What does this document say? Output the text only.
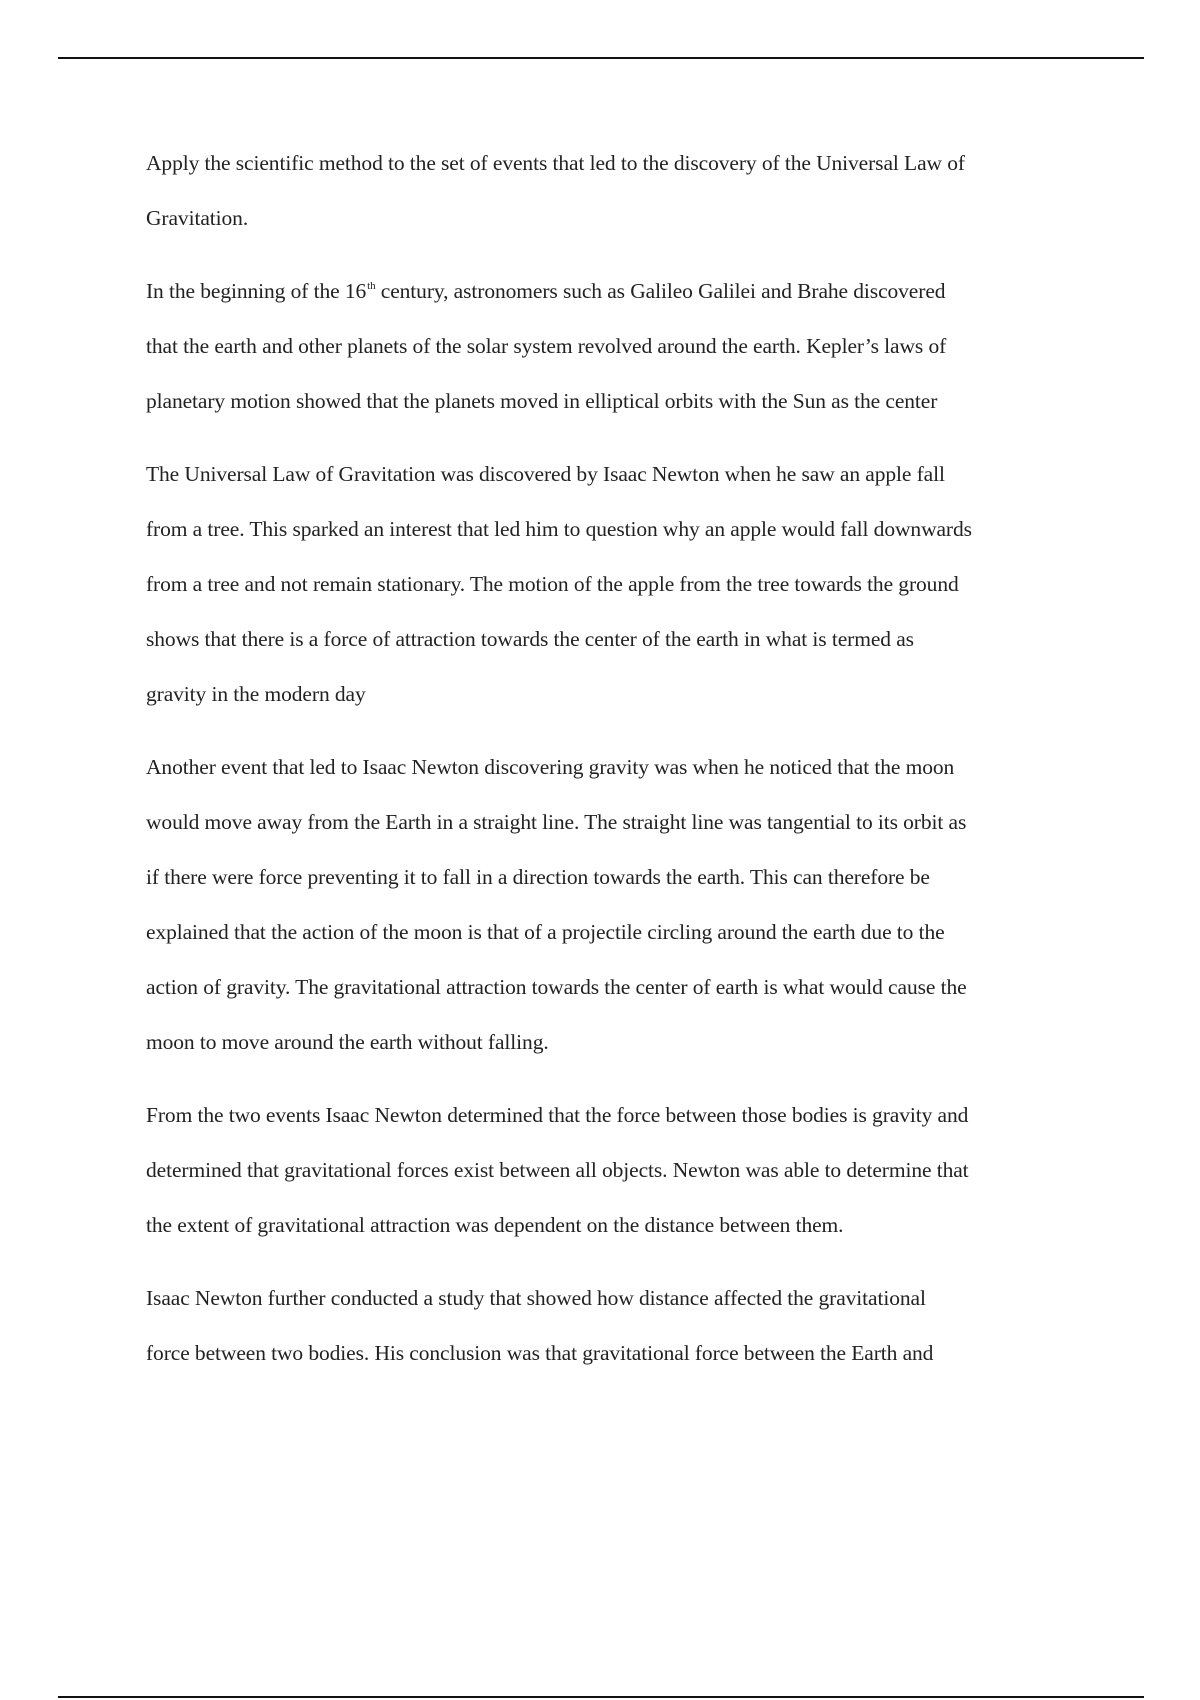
Apply the scientific method to the set of events that led to the discovery of the Universal Law of
Gravitation.

In the beginning of the 16th century, astronomers such as Galileo Galilei and Brahe discovered
that the earth and other planets of the solar system revolved around the earth. Kepler’s laws of
planetary motion showed that the planets moved in elliptical orbits with the Sun as the center

The Universal Law of Gravitation was discovered by Isaac Newton when he saw an apple fall
from a tree. This sparked an interest that led him to question why an apple would fall downwards
from a tree and not remain stationary. The motion of the apple from the tree towards the ground
shows that there is a force of attraction towards the center of the earth in what is termed as
gravity in the modern day

Another event that led to Isaac Newton discovering gravity was when he noticed that the moon
would move away from the Earth in a straight line. The straight line was tangential to its orbit as
if there were force preventing it to fall in a direction towards the earth. This can therefore be
explained that the action of the moon is that of a projectile circling around the earth due to the
action of gravity. The gravitational attraction towards the center of earth is what would cause the
moon to move around the earth without falling.

From the two events Isaac Newton determined that the force between those bodies is gravity and
determined that gravitational forces exist between all objects. Newton was able to determine that
the extent of gravitational attraction was dependent on the distance between them.

Isaac Newton further conducted a study that showed how distance affected the gravitational
force between two bodies. His conclusion was that gravitational force between the Earth and
